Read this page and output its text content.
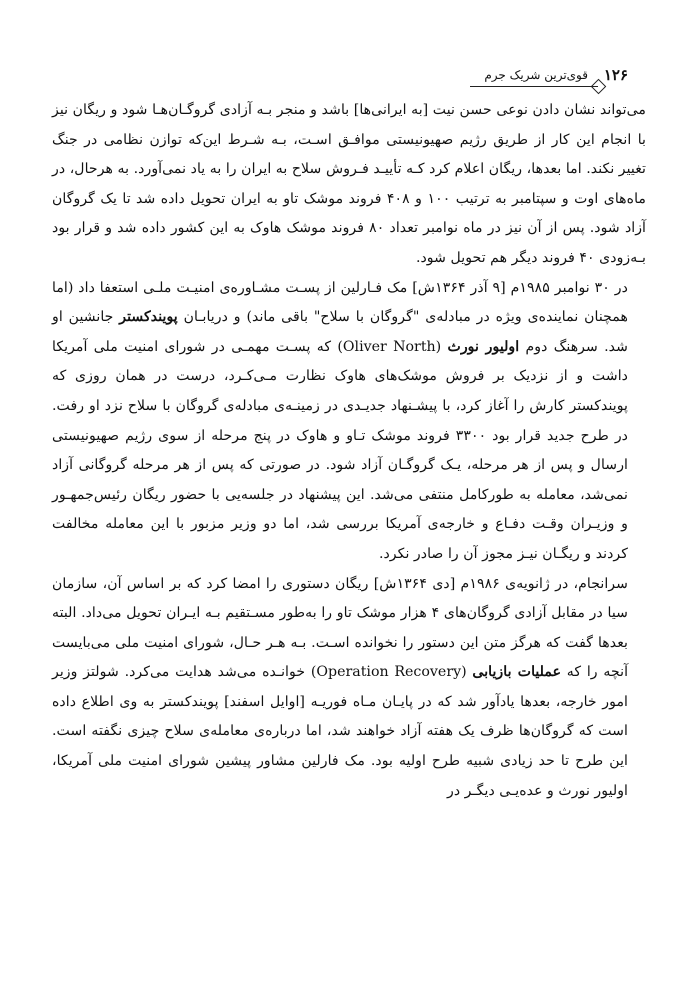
۱۲۶
قوی‌ترین شریک جرم

می‌تواند نشان دادن نوعی حسن نیت [به ایرانی‌ها] باشد و منجر بـه آزادی گروگـان‌هـا شود و ریگان نیز با انجام این کار از طریق رژیم صهیونیستی موافـق اسـت، بـه شـرط این‌که توازن نظامی در جنگ تغییر نکند. اما بعدها، ریگان اعلام کرد کـه تأییـد فـروش سلاح به ایران را به یاد نمی‌آورد. به هرحال، در ماه‌های اوت و سپتامبر به ترتیب ۱۰۰ و ۴۰۸ فروند موشک تاو به ایران تحویل داده شد تا یک گروگان آزاد شود. پس از آن نیز در ماه نوامبر تعداد ۸۰ فروند موشک هاوک به این کشور داده شد و قرار بود بـه‌زودی ۴۰ فروند دیگر هم تحویل شود.

در ۳۰ نوامبر ۱۹۸۵م [۹ آذر ۱۳۶۴ش] مک فـارلین از پسـت مشـاوره‌ی امنیـت ملـی استعفا داد (اما همچنان نماینده‌ی ویژه در مبادله‌ی "گروگان با سلاح" باقی ماند) و دریابـان پویندکستر جانشین او شد. سرهنگ دوم اولیور نورث (Oliver North) که پسـت مهمـی در شورای امنیت ملی آمریکا داشت و از نزدیک بر فروش موشک‌های هاوک نظارت مـی‌کـرد، درست در همان روزی که پویندکستر کارش را آغاز کرد، با پیشـنهاد جدیـدی در زمینـه‌ی مبادله‌ی گروگان با سلاح نزد او رفت. در طرح جدید قرار بود ۳۳۰۰ فروند موشک تـاو و هاوک در پنج مرحله از سوی رژیم صهیونیستی ارسال و پس از هر مرحله، یـک گروگـان آزاد شود. در صورتی که پس از هر مرحله گروگانی آزاد نمی‌شد، معامله به طورکامل منتفی می‌شد. این پیشنهاد در جلسه‌یی با حضور ریگان رئیس‌جمهـور و وزیـران وقـت دفـاع و خارجه‌ی آمریکا بررسی شد، اما دو وزیر مزبور با این معامله مخالفت کردند و ریگـان نیـز مجوز آن را صادر نکرد.

سرانجام، در ژانویه‌ی ۱۹۸۶م [دی ۱۳۶۴ش] ریگان دستوری را امضا کرد که بر اساس آن، سازمان سیا در مقابل آزادی گروگان‌های ۴ هزار موشک تاو را به‌طور مسـتقیم بـه ایـران تحویل می‌داد. البته بعدها گفت که هرگز متن این دستور را نخوانده اسـت. بـه هـر حـال، شورای امنیت ملی می‌بایست آنچه را که عملیات بازیابی (Operation Recovery) خوانـده می‌شد هدایت می‌کرد. شولتز وزیر امور خارجه، بعدها یادآور شد که در پایـان مـاه فوریـه [اوایل اسفند] پویندکستر به وی اطلاع داده است که گروگان‌ها ظرف یک هفته آزاد خواهند شد، اما درباره‌ی معامله‌ی سلاح چیزی نگفته است. این طرح تا حد زیادی شبیه طرح اولیه بود. مک فارلین مشاور پیشین شورای امنیت ملی آمریکا، اولیور نورث و عده‌یـی دیگـر در
